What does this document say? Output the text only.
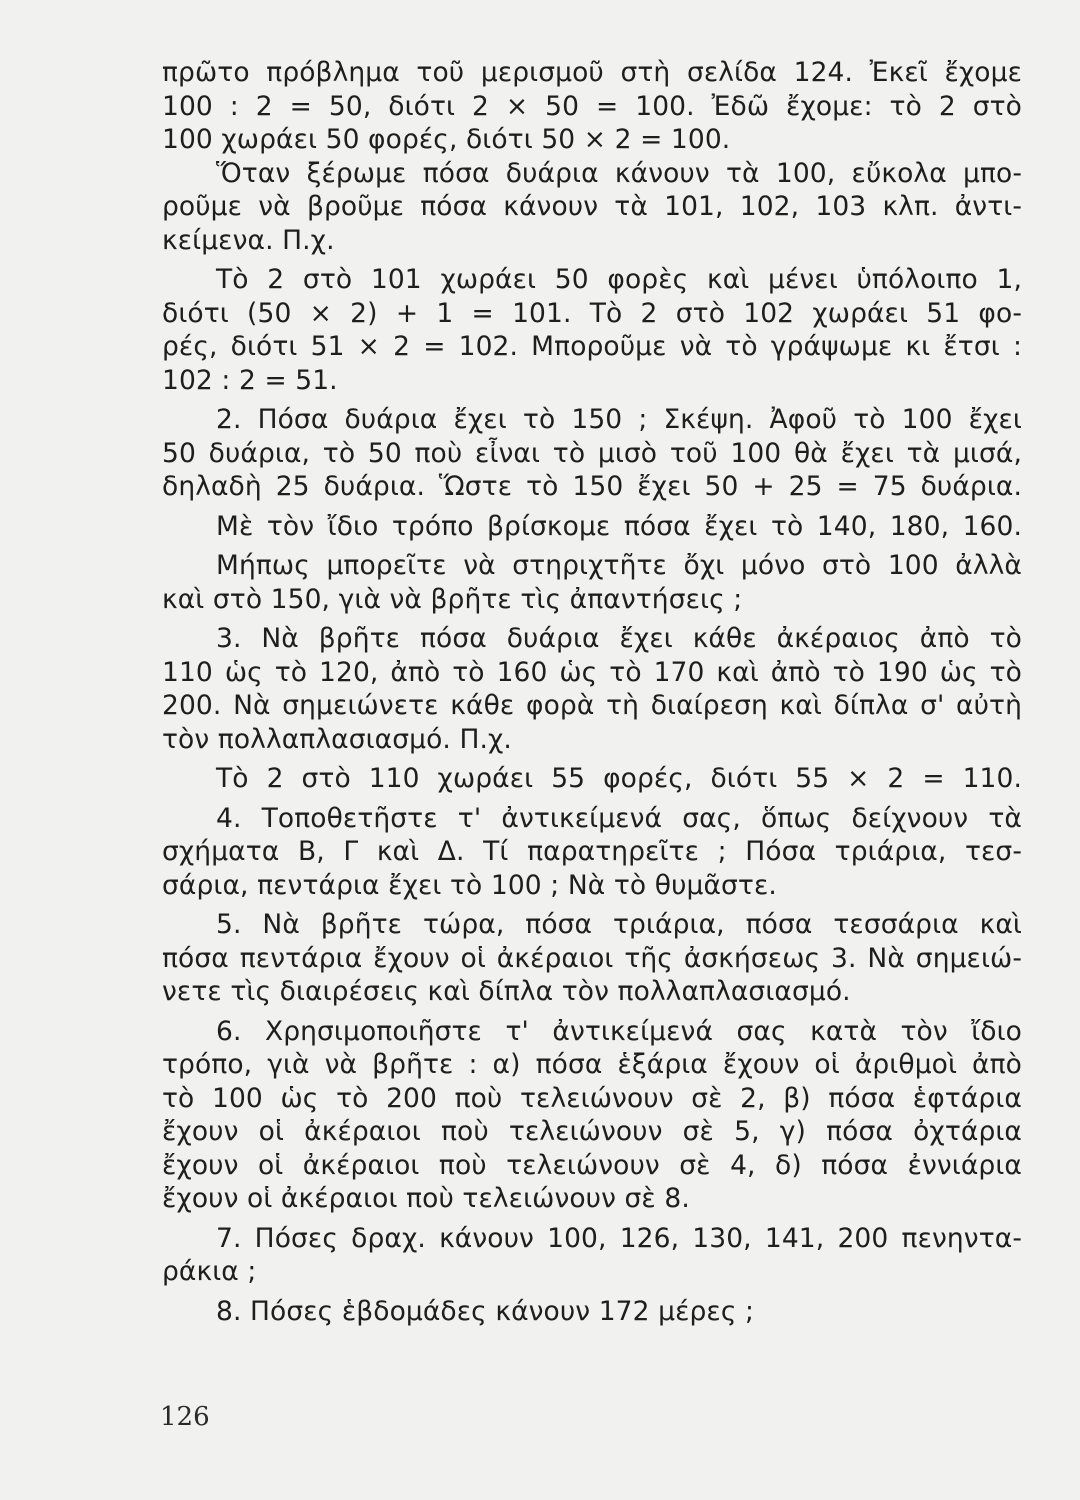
πρῶτο πρόβλημα τοῦ μερισμοῦ στὴ σελίδα 124. Ἐκεῖ ἔχομε
100 : 2 = 50, διότι 2 × 50 = 100. Ἐδῶ ἔχομε: τὸ 2 στὸ
100 χωράει 50 φορές, διότι 50 × 2 = 100.
Ὅταν ξέρωμε πόσα δυάρια κάνουν τὰ 100, εὔκολα μπο-
ροῦμε νὰ βροῦμε πόσα κάνουν τὰ 101, 102, 103 κλπ. ἀντι-
κείμενα. Π.χ.
Τὸ 2 στὸ 101 χωράει 50 φορὲς καὶ μένει ὑπόλοιπο 1,
διότι (50 × 2) + 1 = 101. Τὸ 2 στὸ 102 χωράει 51 φο-
ρές, διότι 51 × 2 = 102. Μποροῦμε νὰ τὸ γράψωμε κι ἔτσι :
102 : 2 = 51.
2. Πόσα δυάρια ἔχει τὸ 150 ; Σκέψη. Ἀφοῦ τὸ 100 ἔχει
50 δυάρια, τὸ 50 ποὺ εἶναι τὸ μισὸ τοῦ 100 θὰ ἔχει τὰ μισά,
δηλαδὴ 25 δυάρια. Ὥστε τὸ 150 ἔχει 50 + 25 = 75 δυάρια.
Μὲ τὸν ἴδιο τρόπο βρίσκομε πόσα ἔχει τὸ 140, 180, 160.
Μήπως μπορεῖτε νὰ στηριχτῆτε ὄχι μόνο στὸ 100 ἀλλὰ
καὶ στὸ 150, γιὰ νὰ βρῆτε τὶς ἀπαντήσεις ;
3. Νὰ βρῆτε πόσα δυάρια ἔχει κάθε ἀκέραιος ἀπὸ τὸ
110 ὡς τὸ 120, ἀπὸ τὸ 160 ὡς τὸ 170 καὶ ἀπὸ τὸ 190 ὡς τὸ
200. Νὰ σημειώνετε κάθε φορὰ τὴ διαίρεση καὶ δίπλα σ' αὐτὴ
τὸν πολλαπλασιασμό. Π.χ.
Τὸ 2 στὸ 110 χωράει 55 φορές, διότι 55 × 2 = 110.
4. Τοποθετῆστε τ' ἀντικείμενά σας, ὅπως δείχνουν τὰ
σχήματα Β, Γ καὶ Δ. Τί παρατηρεῖτε ; Πόσα τριάρια, τεσ-
σάρια, πεντάρια ἔχει τὸ 100 ; Νὰ τὸ θυμᾶστε.
5. Νὰ βρῆτε τώρα, πόσα τριάρια, πόσα τεσσάρια καὶ
πόσα πεντάρια ἔχουν οἱ ἀκέραιοι τῆς ἀσκήσεως 3. Νὰ σημειώ-
νετε τὶς διαιρέσεις καὶ δίπλα τὸν πολλαπλασιασμό.
6. Χρησιμοποιῆστε τ' ἀντικείμενά σας κατὰ τὸν ἴδιο
τρόπο, γιὰ νὰ βρῆτε : α) πόσα ἑξάρια ἔχουν οἱ ἀριθμοὶ ἀπὸ
τὸ 100 ὡς τὸ 200 ποὺ τελειώνουν σὲ 2, β) πόσα ἑφτάρια
ἔχουν οἱ ἀκέραιοι ποὺ τελειώνουν σὲ 5, γ) πόσα ὀχτάρια
ἔχουν οἱ ἀκέραιοι ποὺ τελειώνουν σὲ 4, δ) πόσα ἐννιάρια
ἔχουν οἱ ἀκέραιοι ποὺ τελειώνουν σὲ 8.
7. Πόσες δραχ. κάνουν 100, 126, 130, 141, 200 πενηντα-
ράκια ;
8. Πόσες ἑβδομάδες κάνουν 172 μέρες ;
126
